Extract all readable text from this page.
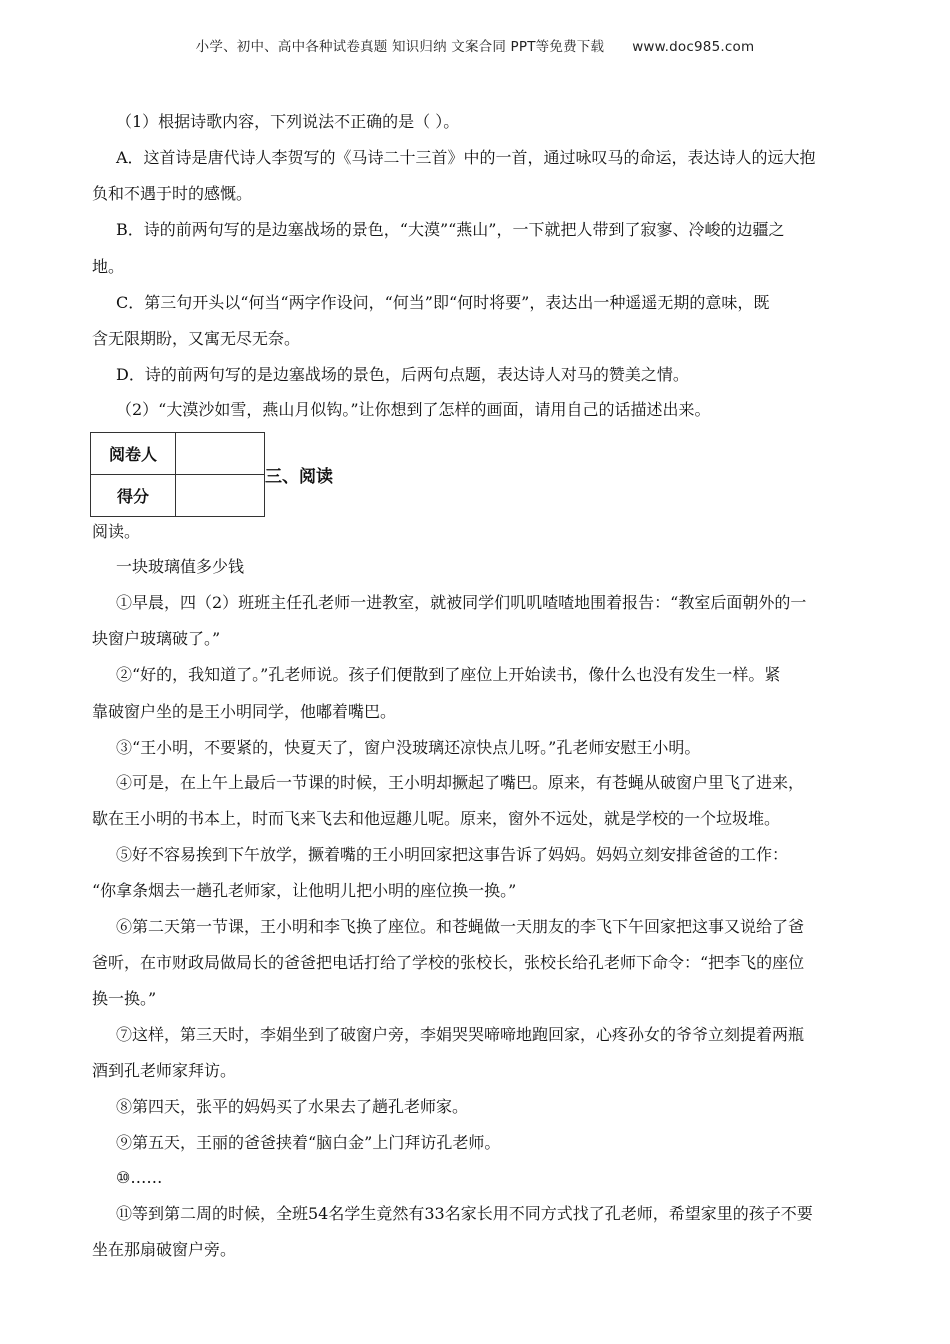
小学、初中、高中各种试卷真题 知识归纳 文案合同 PPT等免费下载 www.doc985.com
（1）根据诗歌内容，下列说法不正确的是（ ）。
A．这首诗是唐代诗人李贺写的《马诗二十三首》中的一首，通过咏叹马的命运，表达诗人的远大抱
负和不遇于时的感慨。
B．诗的前两句写的是边塞战场的景色，“大漠”“燕山”，一下就把人带到了寂寥、冷峻的边疆之
地。
C．第三句开头以“何当“两字作设问，“何当”即“何时将要”，表达出一种遥遥无期的意味，既
含无限期盼，又寓无尽无奈。
D．诗的前两句写的是边塞战场的景色，后两句点题，表达诗人对马的赞美之情。
（2）“大漠沙如雪，燕山月似钩。”让你想到了怎样的画面，请用自己的话描述出来。
阅卷人	
得分	
三、阅读
阅读。
一块玻璃值多少钱
①早晨，四（2）班班主任孔老师一进教室，就被同学们叽叽喳喳地围着报告：“教室后面朝外的一
块窗户玻璃破了。”
②“好的，我知道了。”孔老师说。孩子们便散到了座位上开始读书，像什么也没有发生一样。紧
靠破窗户坐的是王小明同学，他嘟着嘴巴。
③“王小明，不要紧的，快夏天了，窗户没玻璃还凉快点儿呀。”孔老师安慰王小明。
④可是，在上午上最后一节课的时候，王小明却撅起了嘴巴。原来，有苍蝇从破窗户里飞了进来，
歇在王小明的书本上，时而飞来飞去和他逗趣儿呢。原来，窗外不远处，就是学校的一个垃圾堆。
⑤好不容易挨到下午放学，撅着嘴的王小明回家把这事告诉了妈妈。妈妈立刻安排爸爸的工作：
“你拿条烟去一趟孔老师家，让他明儿把小明的座位换一换。”
⑥第二天第一节课，王小明和李飞换了座位。和苍蝇做一天朋友的李飞下午回家把这事又说给了爸
爸听，在市财政局做局长的爸爸把电话打给了学校的张校长，张校长给孔老师下命令：“把李飞的座位
换一换。”
⑦这样，第三天时，李娟坐到了破窗户旁，李娟哭哭啼啼地跑回家，心疼孙女的爷爷立刻提着两瓶
酒到孔老师家拜访。
⑧第四天，张平的妈妈买了水果去了趟孔老师家。
⑨第五天，王丽的爸爸挟着“脑白金”上门拜访孔老师。
⑩……
⑪等到第二周的时候，全班54名学生竟然有33名家长用不同方式找了孔老师，希望家里的孩子不要
坐在那扇破窗户旁。
